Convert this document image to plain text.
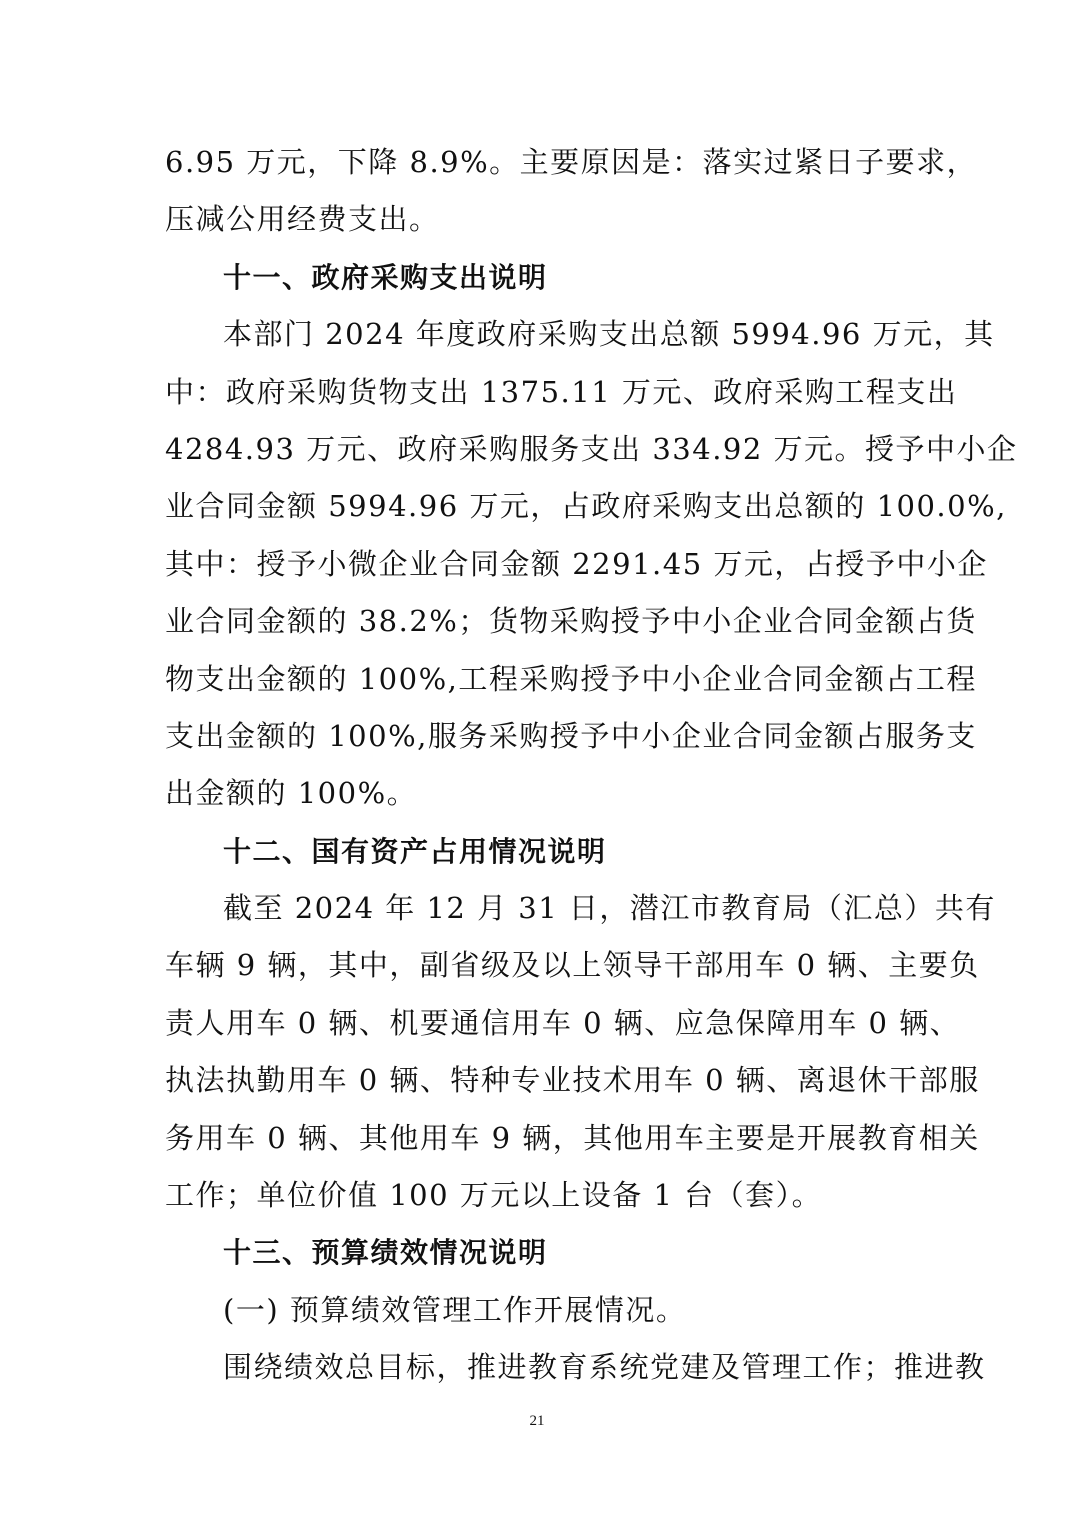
6.95 万元，下降 8.9%。主要原因是：落实过紧日子要求，
压减公用经费支出。
十一、政府采购支出说明
本部门 2024 年度政府采购支出总额 5994.96 万元，其
中：政府采购货物支出 1375.11 万元、政府采购工程支出
4284.93 万元、政府采购服务支出 334.92 万元。授予中小企
业合同金额 5994.96 万元，占政府采购支出总额的 100.0%,
其中：授予小微企业合同金额 2291.45 万元，占授予中小企
业合同金额的 38.2%；货物采购授予中小企业合同金额占货
物支出金额的 100%,工程采购授予中小企业合同金额占工程
支出金额的 100%,服务采购授予中小企业合同金额占服务支
出金额的 100%。
十二、国有资产占用情况说明
截至 2024 年 12 月 31 日，潜江市教育局（汇总）共有
车辆 9 辆，其中，副省级及以上领导干部用车 0 辆、主要负
责人用车 0 辆、机要通信用车 0 辆、应急保障用车 0 辆、
执法执勤用车 0 辆、特种专业技术用车 0 辆、离退休干部服
务用车 0 辆、其他用车 9 辆，其他用车主要是开展教育相关
工作；单位价值 100 万元以上设备 1 台（套）。
十三、预算绩效情况说明
(一) 预算绩效管理工作开展情况。
围绕绩效总目标，推进教育系统党建及管理工作；推进教
21
